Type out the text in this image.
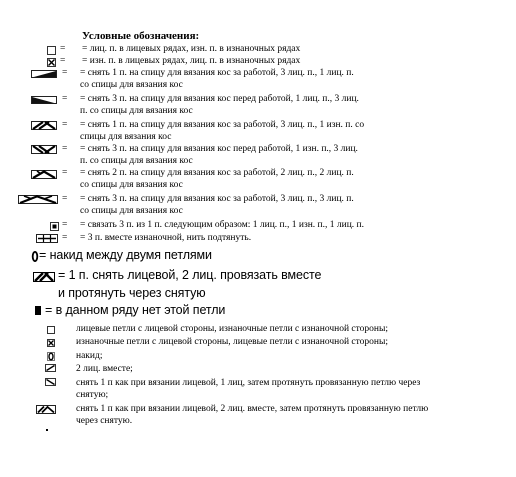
Условные обозначения:
= = лиц. п. в лицевых рядах, изн. п. в изнаночных рядах
= = изн. п. в лицевых рядах, лиц. п. в изнаночных рядах
= = снять 1 п. на спицу для вязания кос за работой, 3 лиц. п., 1 лиц. п.
со спицы для вязания кос
= = снять 3 п. на спицу для вязания кос перед работой, 1 лиц. п., 3 лиц.
п. со спицы для вязания кос
= = снять 1 п. на спицу для вязания кос за работой, 3 лиц. п., 1 изн. п. со
спицы для вязания кос
= = снять 3 п. на спицу для вязания кос перед работой, 1 изн. п., 3 лиц.
п. со спицы для вязания кос
= = снять 2 п. на спицу для вязания кос за работой, 2 лиц. п., 2 лиц. п.
со спицы для вязания кос
= = снять 3 п. на спицу для вязания кос за работой, 3 лиц. п., 3 лиц. п.
со спицы для вязания кос
= = связать 3 п. из 1 п. следующим образом: 1 лиц. п., 1 изн. п., 1 лиц. п.
= = 3 п. вместе изнаночной, нить подтянуть.
= накид между двумя петлями
= 1 п. снять лицевой, 2 лиц. провязать вместе
и протянуть через снятую
= в данном ряду нет этой петли
лицевые петли с лицевой стороны, изнаночные петли с изнаночной стороны;
изнаночные петли с лицевой стороны, лицевые петли с изнаночной стороны;
накид;
2 лиц. вместе;
снять 1 п как при вязании лицевой, 1 лиц, затем протянуть провязанную петлю через
снятую;
снять 1 п как при вязании лицевой, 2 лиц. вместе, затем протянуть провязанную петлю
через снятую.
